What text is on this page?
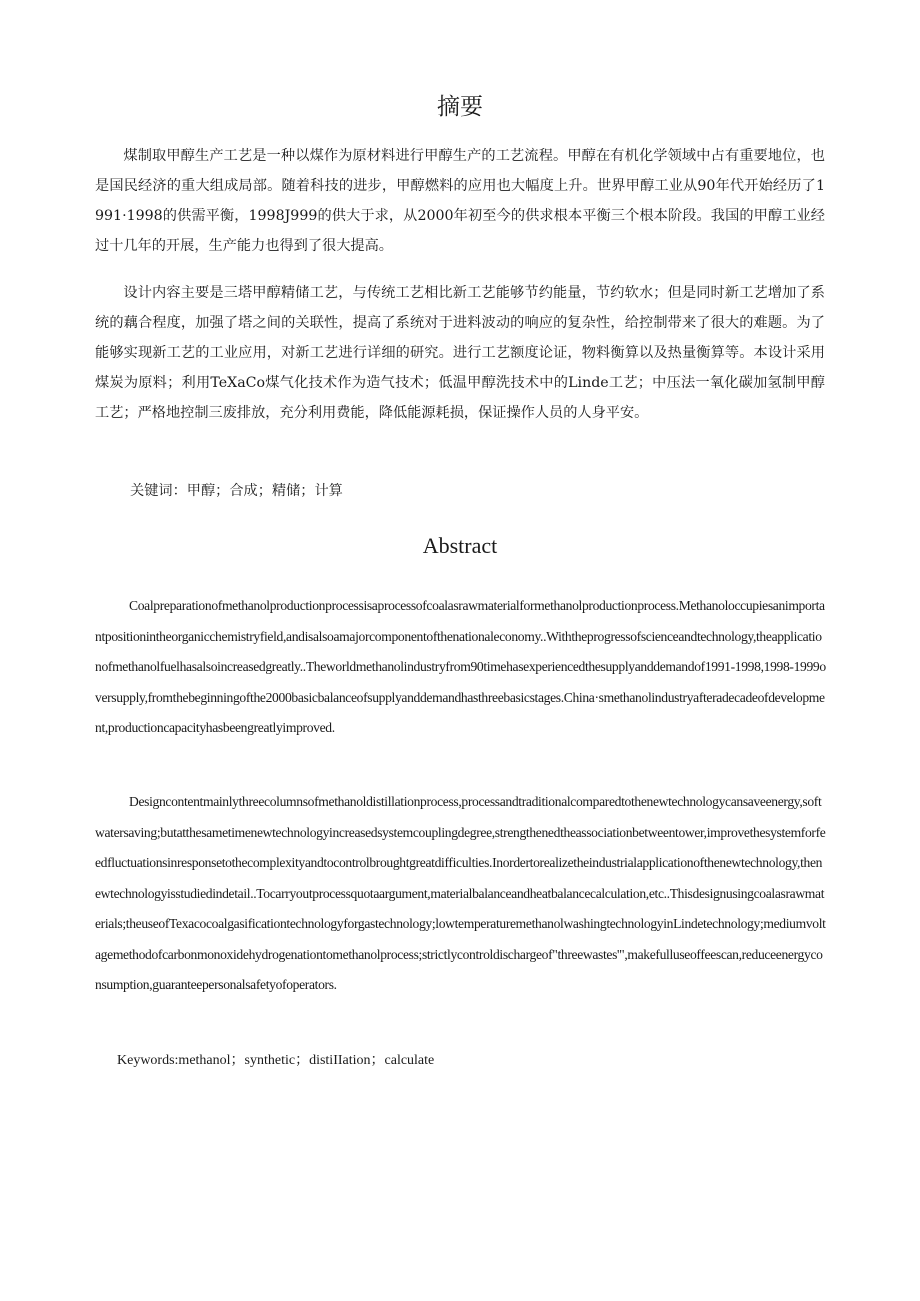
摘要

煤制取甲醇生产工艺是一种以煤作为原材料进行甲醇生产的工艺流程。甲醇在有机化学领域中占有重要地位，也是国民经济的重大组成局部。随着科技的进步，甲醇燃料的应用也大幅度上升。世界甲醇工业从90年代开始经历了1991·1998的供需平衡，1998J999的供大于求，从2000年初至今的供求根本平衡三个根本阶段。我国的甲醇工业经过十几年的开展，生产能力也得到了很大提高。

设计内容主要是三塔甲醇精储工艺，与传统工艺相比新工艺能够节约能量，节约软水；但是同时新工艺增加了系统的藕合程度，加强了塔之间的关联性，提高了系统对于进料波动的响应的复杂性，给控制带来了很大的难题。为了能够实现新工艺的工业应用，对新工艺进行详细的研究。进行工艺额度论证，物料衡算以及热量衡算等。本设计采用煤炭为原料；利用TeXaCo煤气化技术作为造气技术；低温甲醇洗技术中的Linde工艺；中压法一氧化碳加氢制甲醇工艺；严格地控制三废排放，充分利用费能，降低能源耗损，保证操作人员的人身平安。

关键词：甲醇；合成；精储；计算

Abstract

Coalpreparationofmethanolproductionprocessisaprocessofcoalasrawmaterialformethanolproductionprocess.Methanoloccupiesanimportantpositionintheorganicchemistryfield,andisalsoamajorcomponentofthenationaleconomy..Withtheprogressofscienceandtechnology,theapplicationofmethanolfuelhasalsoincreasedgreatly..Theworldmethanolindustryfrom90timehasexperiencedthesupplyanddemandof1991-1998,1998-1999oversupply,fromthebeginningofthe2000basicbalanceofsupplyanddemandhasthreebasicstages.China·smethanolindustryafteradecadeofdevelopment,productioncapacityhasbeengreatlyimproved.

Designcontentmainlythreecolumnsofmethanoldistillationprocess,processandtraditionalcomparedtothenewtechnologycansaveenergy,softwatersaving;butatthesametimenewtechnologyincreasedsystemcouplingdegree,strengthenedtheassociationbetweentower,improvethesystemforfeedfluctuationsinresponsetothecomplexityandtocontrolbroughtgreatdifficulties.Inordertorealizetheindustrialapplicationofthenewtechnology,thenewtechnologyisstudiedindetail..Tocarryoutprocessquotaargument,materialbalanceandheatbalancecalculation,etc..Thisdesignusingcoalasrawmaterials;theuseofTexacocoalgasificationtechnologyforgastechnology;lowtemperaturemethanolwashingtechnologyinLindetechnology;mediumvoltagemethodofcarbonmonoxidehydrogenationtomethanolprocess;strictlycontroldischargeof"threewastes'",makefulluseoffeescan,reduceenergyconsumption,guaranteepersonalsafetyofoperators.

Keywords:methanol；synthetic；distiIIation；calculate
